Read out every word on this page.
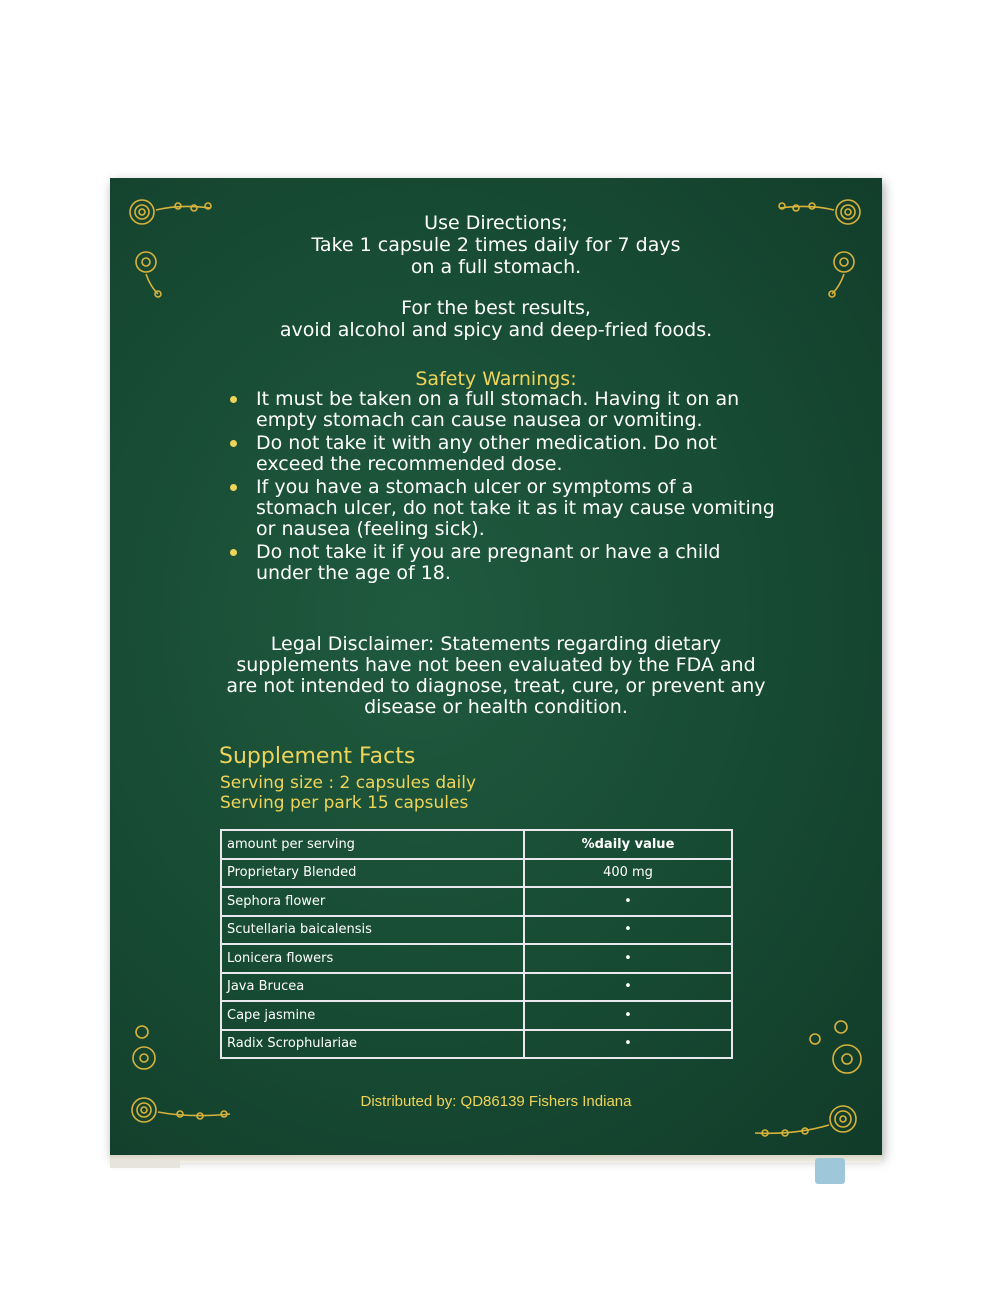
Use Directions;
Take 1 capsule 2 times daily for 7 days
on a full stomach.
For the best results,
avoid alcohol and spicy and deep-fried foods.
Safety Warnings:
It must be taken on a full stomach. Having it on an empty stomach can cause nausea or vomiting.
Do not take it with any other medication. Do not exceed the recommended dose.
If you have a stomach ulcer or symptoms of a stomach ulcer, do not take it as it may cause vomiting or nausea (feeling sick).
Do not take it if you are pregnant or have a child under the age of 18.
Legal Disclaimer: Statements regarding dietary supplements have not been evaluated by the FDA and are not intended to diagnose, treat, cure, or prevent any disease or health condition.
Supplement Facts
Serving size : 2 capsules daily
Serving per park 15 capsules
amount per serving	%daily value
Proprietary Blended	400 mg
Sephora flower	•
Scutellaria baicalensis	•
Lonicera flowers	•
Java Brucea	•
Cape jasmine	•
Radix Scrophulariae	•
Distributed by: QD86139 Fishers Indiana
